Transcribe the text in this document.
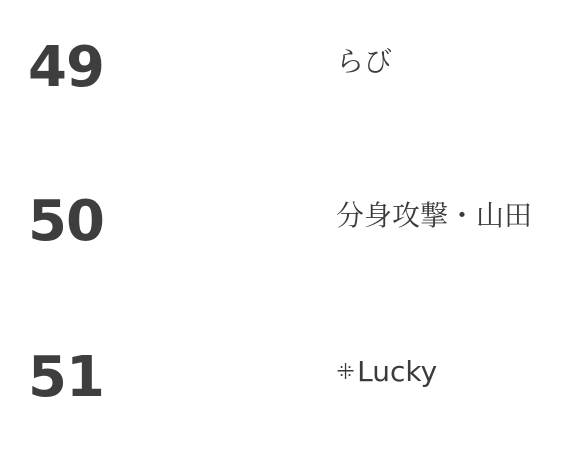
49	らび
50	分身攻撃・山田
51	ꔰLucky
